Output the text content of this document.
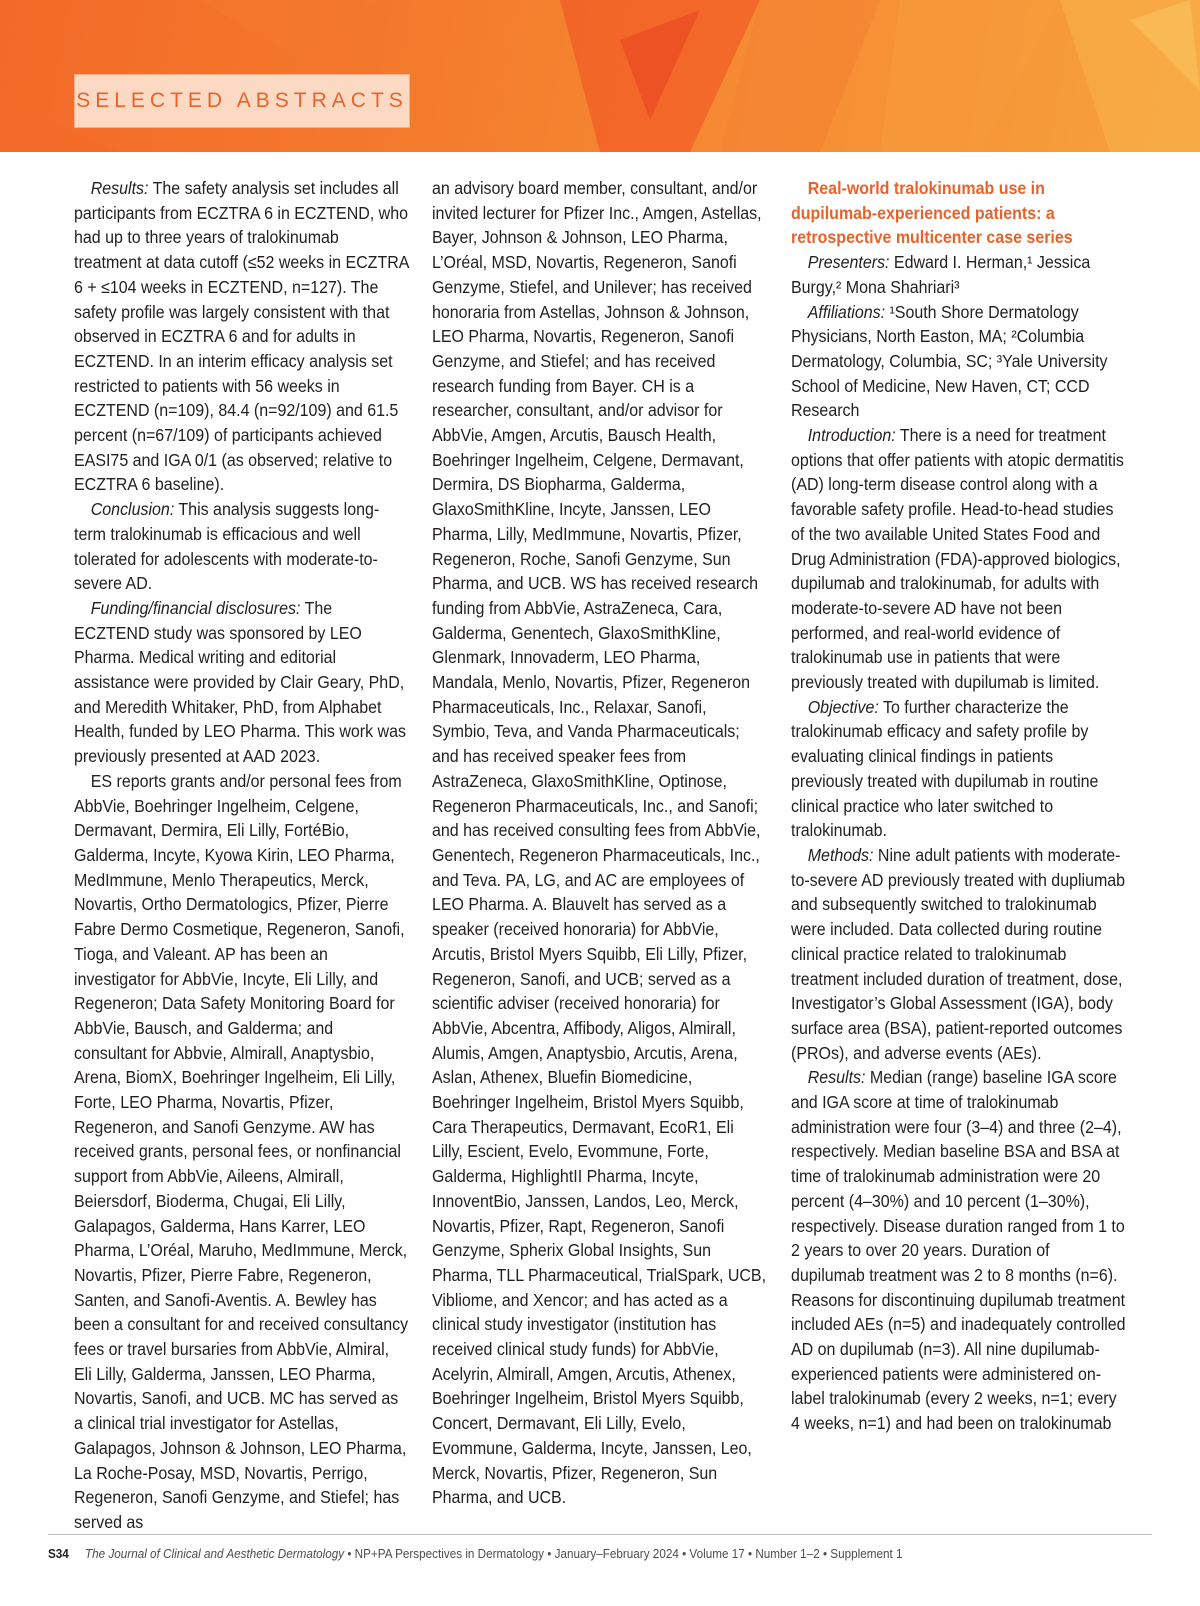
SELECTED ABSTRACTS

Results: The safety analysis set includes all participants from ECZTRA 6 in ECZTEND, who had up to three years of tralokinumab treatment at data cutoff (≤52 weeks in ECZTRA 6 + ≤104 weeks in ECZTEND, n=127). The safety profile was largely consistent with that observed in ECZTRA 6 and for adults in ECZTEND. In an interim efficacy analysis set restricted to patients with 56 weeks in ECZTEND (n=109), 84.4 (n=92/109) and 61.5 percent (n=67/109) of participants achieved EASI75 and IGA 0/1 (as observed; relative to ECZTRA 6 baseline).

Conclusion: This analysis suggests long-term tralokinumab is efficacious and well tolerated for adolescents with moderate-to-severe AD.

Funding/financial disclosures: The ECZTEND study was sponsored by LEO Pharma. Medical writing and editorial assistance were provided by Clair Geary, PhD, and Meredith Whitaker, PhD, from Alphabet Health, funded by LEO Pharma. This work was previously presented at AAD 2023.

ES reports grants and/or personal fees from AbbVie, Boehringer Ingelheim, Celgene, Dermavant, Dermira, Eli Lilly, FortéBio, Galderma, Incyte, Kyowa Kirin, LEO Pharma, MedImmune, Menlo Therapeutics, Merck, Novartis, Ortho Dermatologics, Pfizer, Pierre Fabre Dermo Cosmetique, Regeneron, Sanofi, Tioga, and Valeant. AP has been an investigator for AbbVie, Incyte, Eli Lilly, and Regeneron; Data Safety Monitoring Board for AbbVie, Bausch, and Galderma; and consultant for Abbvie, Almirall, Anaptysbio, Arena, BiomX, Boehringer Ingelheim, Eli Lilly, Forte, LEO Pharma, Novartis, Pfizer, Regeneron, and Sanofi Genzyme. AW has received grants, personal fees, or nonfinancial support from AbbVie, Aileens, Almirall, Beiersdorf, Bioderma, Chugai, Eli Lilly, Galapagos, Galderma, Hans Karrer, LEO Pharma, L’Oréal, Maruho, MedImmune, Merck, Novartis, Pfizer, Pierre Fabre, Regeneron, Santen, and Sanofi-Aventis. A. Bewley has been a consultant for and received consultancy fees or travel bursaries from AbbVie, Almiral, Eli Lilly, Galderma, Janssen, LEO Pharma, Novartis, Sanofi, and UCB. MC has served as a clinical trial investigator for Astellas, Galapagos, Johnson & Johnson, LEO Pharma, La Roche-Posay, MSD, Novartis, Perrigo, Regeneron, Sanofi Genzyme, and Stiefel; has served as

an advisory board member, consultant, and/or invited lecturer for Pfizer Inc., Amgen, Astellas, Bayer, Johnson & Johnson, LEO Pharma, L’Oréal, MSD, Novartis, Regeneron, Sanofi Genzyme, Stiefel, and Unilever; has received honoraria from Astellas, Johnson & Johnson, LEO Pharma, Novartis, Regeneron, Sanofi Genzyme, and Stiefel; and has received research funding from Bayer. CH is a researcher, consultant, and/or advisor for AbbVie, Amgen, Arcutis, Bausch Health, Boehringer Ingelheim, Celgene, Dermavant, Dermira, DS Biopharma, Galderma, GlaxoSmithKline, Incyte, Janssen, LEO Pharma, Lilly, MedImmune, Novartis, Pfizer, Regeneron, Roche, Sanofi Genzyme, Sun Pharma, and UCB. WS has received research funding from AbbVie, AstraZeneca, Cara, Galderma, Genentech, GlaxoSmithKline, Glenmark, Innovaderm, LEO Pharma, Mandala, Menlo, Novartis, Pfizer, Regeneron Pharmaceuticals, Inc., Relaxar, Sanofi, Symbio, Teva, and Vanda Pharmaceuticals; and has received speaker fees from AstraZeneca, GlaxoSmithKline, Optinose, Regeneron Pharmaceuticals, Inc., and Sanofi; and has received consulting fees from AbbVie, Genentech, Regeneron Pharmaceuticals, Inc., and Teva. PA, LG, and AC are employees of LEO Pharma. A. Blauvelt has served as a speaker (received honoraria) for AbbVie, Arcutis, Bristol Myers Squibb, Eli Lilly, Pfizer, Regeneron, Sanofi, and UCB; served as a scientific adviser (received honoraria) for AbbVie, Abcentra, Affibody, Aligos, Almirall, Alumis, Amgen, Anaptysbio, Arcutis, Arena, Aslan, Athenex, Bluefin Biomedicine, Boehringer Ingelheim, Bristol Myers Squibb, Cara Therapeutics, Dermavant, EcoR1, Eli Lilly, Escient, Evelo, Evommune, Forte, Galderma, HighlightII Pharma, Incyte, InnoventBio, Janssen, Landos, Leo, Merck, Novartis, Pfizer, Rapt, Regeneron, Sanofi Genzyme, Spherix Global Insights, Sun Pharma, TLL Pharmaceutical, TrialSpark, UCB, Vibliome, and Xencor; and has acted as a clinical study investigator (institution has received clinical study funds) for AbbVie, Acelyrin, Almirall, Amgen, Arcutis, Athenex, Boehringer Ingelheim, Bristol Myers Squibb, Concert, Dermavant, Eli Lilly, Evelo, Evommune, Galderma, Incyte, Janssen, Leo, Merck, Novartis, Pfizer, Regeneron, Sun Pharma, and UCB.

Real-world tralokinumab use in dupilumab-experienced patients: a retrospective multicenter case series

Presenters: Edward I. Herman,¹ Jessica Burgy,² Mona Shahriari³

Affiliations: ¹South Shore Dermatology Physicians, North Easton, MA; ²Columbia Dermatology, Columbia, SC; ³Yale University School of Medicine, New Haven, CT; CCD Research

Introduction: There is a need for treatment options that offer patients with atopic dermatitis (AD) long-term disease control along with a favorable safety profile. Head-to-head studies of the two available United States Food and Drug Administration (FDA)-approved biologics, dupilumab and tralokinumab, for adults with moderate-to-severe AD have not been performed, and real-world evidence of tralokinumab use in patients that were previously treated with dupilumab is limited.

Objective: To further characterize the tralokinumab efficacy and safety profile by evaluating clinical findings in patients previously treated with dupilumab in routine clinical practice who later switched to tralokinumab.

Methods: Nine adult patients with moderate-to-severe AD previously treated with dupliumab and subsequently switched to tralokinumab were included. Data collected during routine clinical practice related to tralokinumab treatment included duration of treatment, dose, Investigator’s Global Assessment (IGA), body surface area (BSA), patient-reported outcomes (PROs), and adverse events (AEs).

Results: Median (range) baseline IGA score and IGA score at time of tralokinumab administration were four (3–4) and three (2–4), respectively. Median baseline BSA and BSA at time of tralokinumab administration were 20 percent (4–30%) and 10 percent (1–30%), respectively. Disease duration ranged from 1 to 2 years to over 20 years. Duration of dupilumab treatment was 2 to 8 months (n=6). Reasons for discontinuing dupilumab treatment included AEs (n=5) and inadequately controlled AD on dupilumab (n=3). All nine dupilumab-experienced patients were administered on-label tralokinumab (every 2 weeks, n=1; every 4 weeks, n=1) and had been on tralokinumab

S34 The Journal of Clinical and Aesthetic Dermatology • NP+PA Perspectives in Dermatology • January–February 2024 • Volume 17 • Number 1–2 • Supplement 1
